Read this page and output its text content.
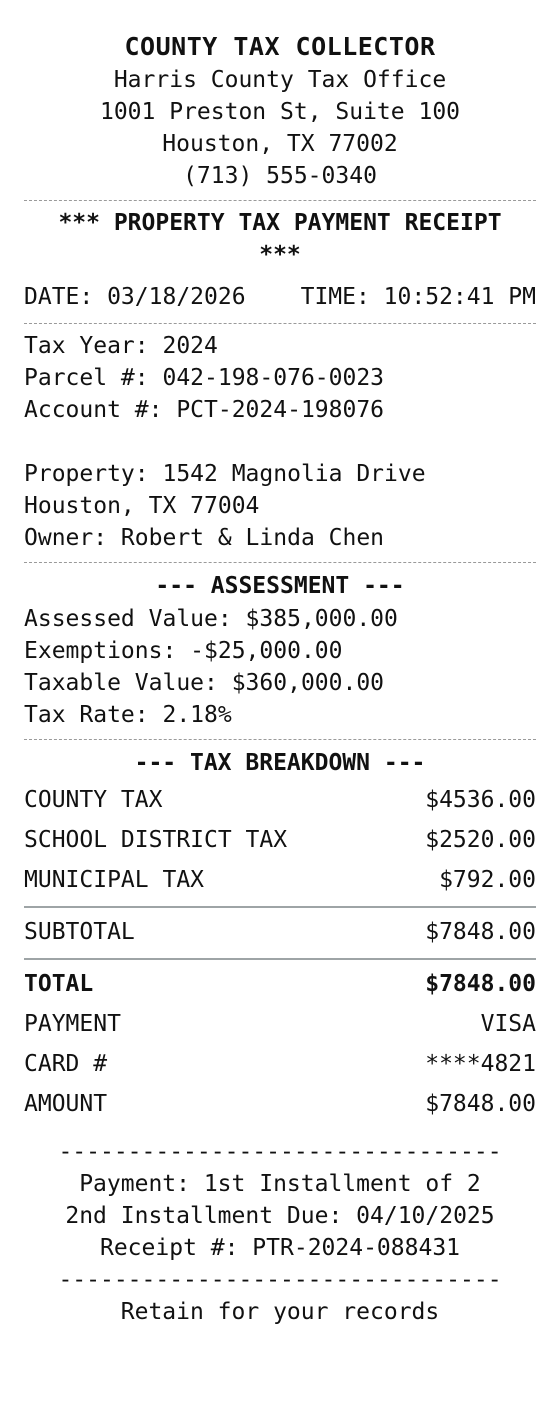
COUNTY TAX COLLECTOR
Harris County Tax Office
1001 Preston St, Suite 100
Houston, TX 77002
(713) 555-0340
*** PROPERTY TAX PAYMENT RECEIPT
***
DATE: 03/18/2026 TIME: 10:52:41 PM
Tax Year: 2024
Parcel #: 042-198-076-0023
Account #: PCT-2024-198076
Property: 1542 Magnolia Drive
Houston, TX 77004
Owner: Robert & Linda Chen
--- ASSESSMENT ---
Assessed Value: $385,000.00
Exemptions: -$25,000.00
Taxable Value: $360,000.00
Tax Rate: 2.18%
--- TAX BREAKDOWN ---
COUNTY TAX	$4536.00
SCHOOL DISTRICT TAX	$2520.00
MUNICIPAL TAX	$792.00
SUBTOTAL	$7848.00
TOTAL	$7848.00
PAYMENT	VISA
CARD #	****4821
AMOUNT	$7848.00
--------------------------------
Payment: 1st Installment of 2
2nd Installment Due: 04/10/2025
Receipt #: PTR-2024-088431
--------------------------------
Retain for your records
